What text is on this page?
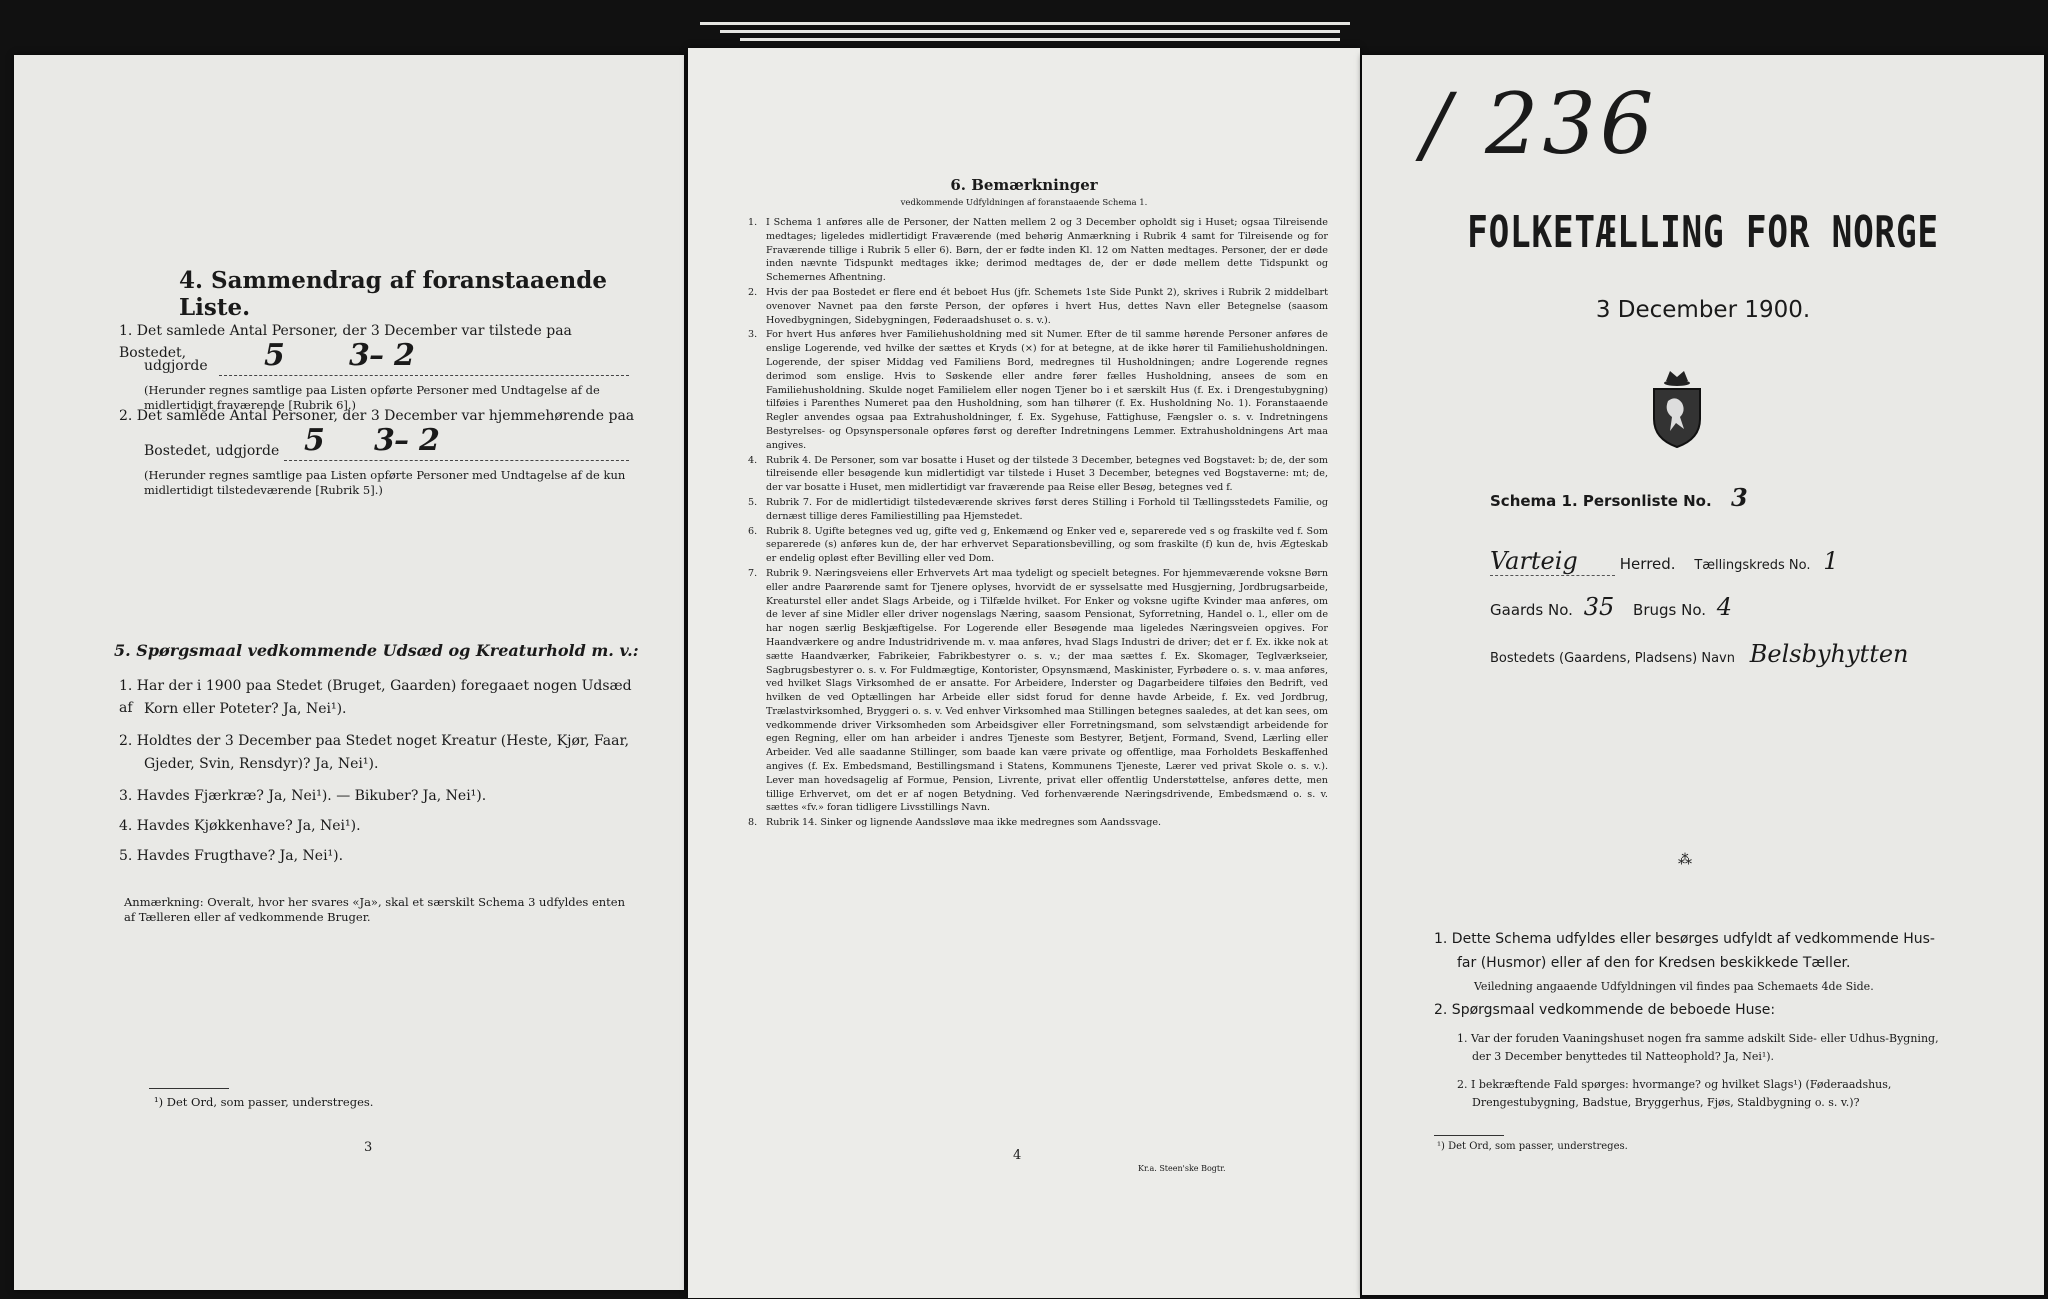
4. Sammendrag af foranstaaende Liste.
1. Det samlede Antal Personer, der 3 December var tilstede paa Bostedet,
udgjorde 5 3 – 2
(Herunder regnes samtlige paa Listen opførte Personer med Undtagelse af de midlertidigt fraværende [Rubrik 6].)
2. Det samlede Antal Personer, der 3 December var hjemmehørende paa
Bostedet, udgjorde 5 3 – 2
(Herunder regnes samtlige paa Listen opførte Personer med Undtagelse af de kun midlertidigt tilstedeværende [Rubrik 5].)
5. Spørgsmaal vedkommende Udsæd og Kreaturhold m. v.:
1. Har der i 1900 paa Stedet (Bruget, Gaarden) foregaaet nogen Udsæd af Korn eller Poteter? Ja, Nei¹).
2. Holdtes der 3 December paa Stedet noget Kreatur (Heste, Kjør, Faar,
Gjeder, Svin, Rensdyr)? Ja, Nei¹).
3. Havdes Fjærkræ? Ja, Nei¹). — Bikuber? Ja, Nei¹).
4. Havdes Kjøkkenhave? Ja, Nei¹).
5. Havdes Frugthave? Ja, Nei¹).
Anmærkning: Overalt, hvor her svares «Ja», skal et særskilt Schema 3 udfyldes enten af Tælleren eller af vedkommende Bruger.
¹) Det Ord, som passer, understreges.
3
6. Bemærkninger
vedkommende Udfyldningen af foranstaaende Schema 1.
1. I Schema 1 anføres alle de Personer, der Natten mellem 2 og 3 December opholdt sig i Huset; ogsaa Tilreisende medtages; ligeledes midlertidigt Fraværende (med behørig Anmærkning i Rubrik 4 samt for Tilreisende og for Fraværende tillige i Rubrik 5 eller 6). Børn, der er fødte inden Kl. 12 om Natten medtages. Personer, der er døde inden nævnte Tidspunkt medtages ikke; derimod medtages de, der er døde mellem dette Tidspunkt og Schemernes Afhentning.
2. Hvis der paa Bostedet er flere end ét beboet Hus (jfr. Schemets 1ste Side Punkt 2), skrives i Rubrik 2 middelbart ovenover Navnet paa den første Person, der opføres i hvert Hus, dettes Navn eller Betegnelse (saasom Hovedbygningen, Sidebygningen, Føderaadshuset o. s. v.).
3. For hvert Hus anføres hver Familiehusholdning med sit Numer. Efter de til samme hørende Personer anføres de enslige Logerende, ved hvilke der sættes et Kryds (×) for at betegne, at de ikke hører til Familiehusholdningen. Logerende, der spiser Middag ved Familiens Bord, medregnes til Husholdningen; andre Logerende regnes derimod som enslige. Hvis to Søskende eller andre fører fælles Husholdning, ansees de som en Familiehusholdning. Skulde noget Familielem eller nogen Tjener bo i et særskilt Hus (f. Ex. i Drengestubygning) tilføies i Parenthes Numeret paa den Husholdning, som han tilhører (f. Ex. Husholdning No. 1). Foranstaaende Regler anvendes ogsaa paa Extrahusholdninger, f. Ex. Sygehuse, Fattighuse, Fængsler o. s. v. Indretningens Bestyrelses- og Opsynspersonale opføres først og derefter Indretningens Lemmer. Extrahusholdningens Art maa angives.
4. Rubrik 4. De Personer, som var bosatte i Huset og der tilstede 3 December, betegnes ved Bogstavet: b; de, der som tilreisende eller besøgende kun midlertidigt var tilstede i Huset 3 December, betegnes ved Bogstaverne: mt; de, der var bosatte i Huset, men midlertidigt var fraværende paa Reise eller Besøg, betegnes ved f.
5. Rubrik 7. For de midlertidigt tilstedeværende skrives først deres Stilling i Forhold til Tællingsstedets Familie, og dernæst tillige deres Familiestilling paa Hjemstedet.
6. Rubrik 8. Ugifte betegnes ved ug, gifte ved g, Enkemænd og Enker ved e, separerede ved s og fraskilte ved f. Som separerede (s) anføres kun de, der har erhvervet Separationsbevilling, og som fraskilte (f) kun de, hvis Ægteskab er endelig opløst efter Bevilling eller ved Dom.
7. Rubrik 9. Næringsveiens eller Erhvervets Art maa tydeligt og specielt betegnes. For hjemmeværende voksne Børn eller andre Paarørende samt for Tjenere oplyses, hvorvidt de er sysselsatte med Husgjerning, Jordbrugsarbeide, Kreaturstel eller andet Slags Arbeide, og i Tilfælde hvilket. For Enker og voksne ugifte Kvinder maa anføres, om de lever af sine Midler eller driver nogenslags Næring, saasom Pensionat, Syforretning, Handel o. l., eller om de har nogen særlig Beskjæftigelse. For Logerende eller Besøgende maa ligeledes Næringsveien opgives. For Haandværkere og andre Industridrivende m. v. maa anføres, hvad Slags Industri de driver; det er f. Ex. ikke nok at sætte Haandværker, Fabrikeier, Fabrikbestyrer o. s. v.; der maa sættes f. Ex. Skomager, Teglværkseier, Sagbrugsbestyrer o. s. v. For Fuldmægtige, Kontorister, Opsynsmænd, Maskinister, Fyrbødere o. s. v. maa anføres, ved hvilket Slags Virksomhed de er ansatte. For Arbeidere, Inderster og Dagarbeidere tilføies den Bedrift, ved hvilken de ved Optællingen har Arbeide eller sidst forud for denne havde Arbeide, f. Ex. ved Jordbrug, Trælastvirksomhed, Bryggeri o. s. v. Ved enhver Virksomhed maa Stillingen betegnes saaledes, at det kan sees, om vedkommende driver Virksomheden som Arbeidsgiver eller Forretningsmand, som selvstændigt arbeidende for egen Regning, eller om han arbeider i andres Tjeneste som Bestyrer, Betjent, Formand, Svend, Lærling eller Arbeider. Ved alle saadanne Stillinger, som baade kan være private og offentlige, maa Forholdets Beskaffenhed angives (f. Ex. Embedsmand, Bestillingsmand i Statens, Kommunens Tjeneste, Lærer ved privat Skole o. s. v.). Lever man hovedsagelig af Formue, Pension, Livrente, privat eller offentlig Understøttelse, anføres dette, men tillige Erhvervet, om det er af nogen Betydning. Ved forhenværende Næringsdrivende, Embedsmænd o. s. v. sættes «fv.» foran tidligere Livsstillings Navn.
8. Rubrik 14. Sinker og lignende Aandssløve maa ikke medregnes som Aandssvage.
4
Kr.a. Steen'ske Bogtr.
/ 236
FOLKETÆLLING FOR NORGE
3 December 1900.
Schema 1. Personliste No. 3
Varteig	Herred. Tællingskreds No. 1
Gaards No. 35 Brugs No. 4
Bostedets (Gaardens, Pladsens) Navn Belsbyhytten
⁂
1. Dette Schema udfyldes eller besørges udfyldt af vedkommende Hus-
far (Husmor) eller af den for Kredsen beskikkede Tæller.
Veiledning angaaende Udfyldningen vil findes paa Schemaets 4de Side.
2. Spørgsmaal vedkommende de beboede Huse:
1. Var der foruden Vaaningshuset nogen fra samme adskilt Side- eller Udhus-Bygning,
der 3 December benyttedes til Natteophold? Ja, Nei¹).
2. I bekræftende Fald spørges: hvormange? og hvilket Slags¹) (Føderaadshus,
Drengestubygning, Badstue, Bryggerhus, Fjøs, Staldbygning o. s. v.)?
¹) Det Ord, som passer, understreges.
